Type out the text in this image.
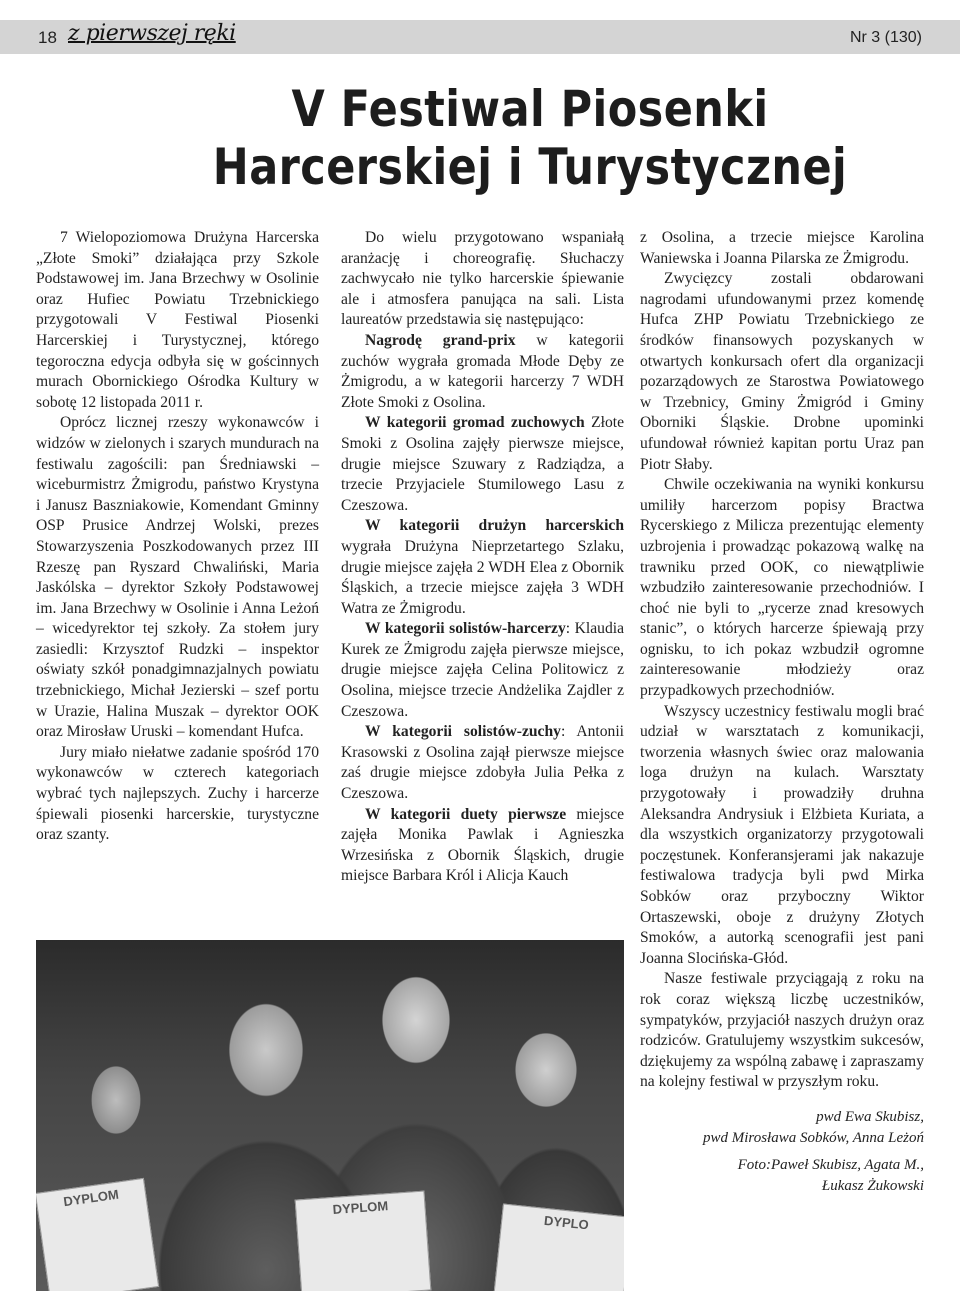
18 z pierwszej ręki	Nr 3 (130)
V Festiwal Piosenki
Harcerskiej i Turystycznej

7 Wielopoziomowa Drużyna Harcerska „Złote Smoki” działająca przy Szkole Podstawowej im. Jana Brzechwy w Osolinie oraz Hufiec Powiatu Trzebnickiego przygotowali V Festiwal Piosenki Harcerskiej i Turystycznej, którego tegoroczna edycja odbyła się w gościnnych murach Obornickiego Ośrodka Kultury w sobotę 12 listopada 2011 r.

Oprócz licznej rzeszy wykonawców i widzów w zielonych i szarych mundurach na festiwalu zagościli: pan Średniawski – wiceburmistrz Żmigrodu, państwo Krystyna i Janusz Baszniakowie, Komendant Gminny OSP Prusice Andrzej Wolski, prezes Stowarzyszenia Poszkodowanych przez III Rzeszę pan Ryszard Chwaliński, Maria Jaskólska – dyrektor Szkoły Podstawowej im. Jana Brzechwy w Osolinie i Anna Leżoń – wicedyrektor tej szkoły. Za stołem jury zasiedli: Krzysztof Rudzki – inspektor oświaty szkół ponadgimnazjalnych powiatu trzebnickiego, Michał Jezierski – szef portu w Urazie, Halina Muszak – dyrektor OOK oraz Mirosław Uruski – komendant Hufca.

Jury miało niełatwe zadanie spośród 170 wykonawców w czterech kategoriach wybrać tych najlepszych. Zuchy i harcerze śpiewali piosenki harcerskie, turystyczne oraz szanty.

Do wielu przygotowano wspaniałą aranżację i choreografię. Słuchaczy zachwycało nie tylko harcerskie śpiewanie ale i atmosfera panująca na sali. Lista laureatów przedstawia się następująco:

Nagrodę grand-prix w kategorii zuchów wygrała gromada Młode Dęby ze Żmigrodu, a w kategorii harcerzy 7 WDH Złote Smoki z Osolina.

W kategorii gromad zuchowych Złote Smoki z Osolina zajęły pierwsze miejsce, drugie miejsce Szuwary z Radziądza, a trzecie Przyjaciele Stumilowego Lasu z Czeszowa.

W kategorii drużyn harcerskich wygrała Drużyna Nieprzetartego Szlaku, drugie miejsce zajęła 2 WDH Elea z Obornik Śląskich, a trzecie miejsce zajęła 3 WDH Watra ze Żmigrodu.

W kategorii solistów-harcerzy: Klaudia Kurek ze Żmigrodu zajęła pierwsze miejsce, drugie miejsce zajęła Celina Politowicz z Osolina, miejsce trzecie Andżelika Zajdler z Czeszowa.

W kategorii solistów-zuchy: Antonii Krasowski z Osolina zajął pierwsze miejsce zaś drugie miejsce zdobyła Julia Pełka z Czeszowa.

W kategorii duety pierwsze miejsce zajęła Monika Pawlak i Agnieszka Wrzesińska z Obornik Śląskich, drugie miejsce Barbara Król i Alicja Kauch

z Osolina, a trzecie miejsce Karolina Waniewska i Joanna Pilarska ze Żmigrodu.

Zwycięzcy zostali obdarowani nagrodami ufundowanymi przez komendę Hufca ZHP Powiatu Trzebnickiego ze środków finansowych pozyskanych w otwartych konkursach ofert dla organizacji pozarządowych ze Starostwa Powiatowego w Trzebnicy, Gminy Żmigród i Gminy Oborniki Śląskie. Drobne upominki ufundował również kapitan portu Uraz pan Piotr Słaby.

Chwile oczekiwania na wyniki konkursu umiliły harcerzom popisy Bractwa Rycerskiego z Milicza prezentując elementy uzbrojenia i prowadząc pokazową walkę na trawniku przed OOK, co niewątpliwie wzbudziło zainteresowanie przechodniów. I choć nie byli to „rycerze znad kresowych stanic”, o których harcerze śpiewają przy ognisku, to ich pokaz wzbudził ogromne zainteresowanie młodzieży oraz przypadkowych przechodniów.

Wszyscy uczestnicy festiwalu mogli brać udział w warsztatach z komunikacji, tworzenia własnych świec oraz malowania loga drużyn na kulach. Warsztaty przygotowały i prowadziły druhna Aleksandra Andrysiuk i Elżbieta Kuriata, a dla wszystkich organizatorzy przygotowali poczęstunek. Konferansjerami jak nakazuje festiwalowa tradycja byli pwd Mirka Sobków oraz przyboczny Wiktor Ortaszewski, oboje z drużyny Złotych Smoków, a autorką scenografii jest pani Joanna Slocińska-Głód.

Nasze festiwale przyciągają z roku na rok coraz większą liczbę uczestników, sympatyków, przyjaciół naszych drużyn oraz rodziców. Gratulujemy wszystkim sukcesów, dziękujemy za wspólną zabawę i zapraszamy na kolejny festiwal w przyszłym roku.

pwd Ewa Skubisz,
pwd Mirosława Sobków, Anna Leżoń

Foto:Paweł Skubisz, Agata M.,
Łukasz Żukowski

DYPLOM	DYPLOM
DYPLO
